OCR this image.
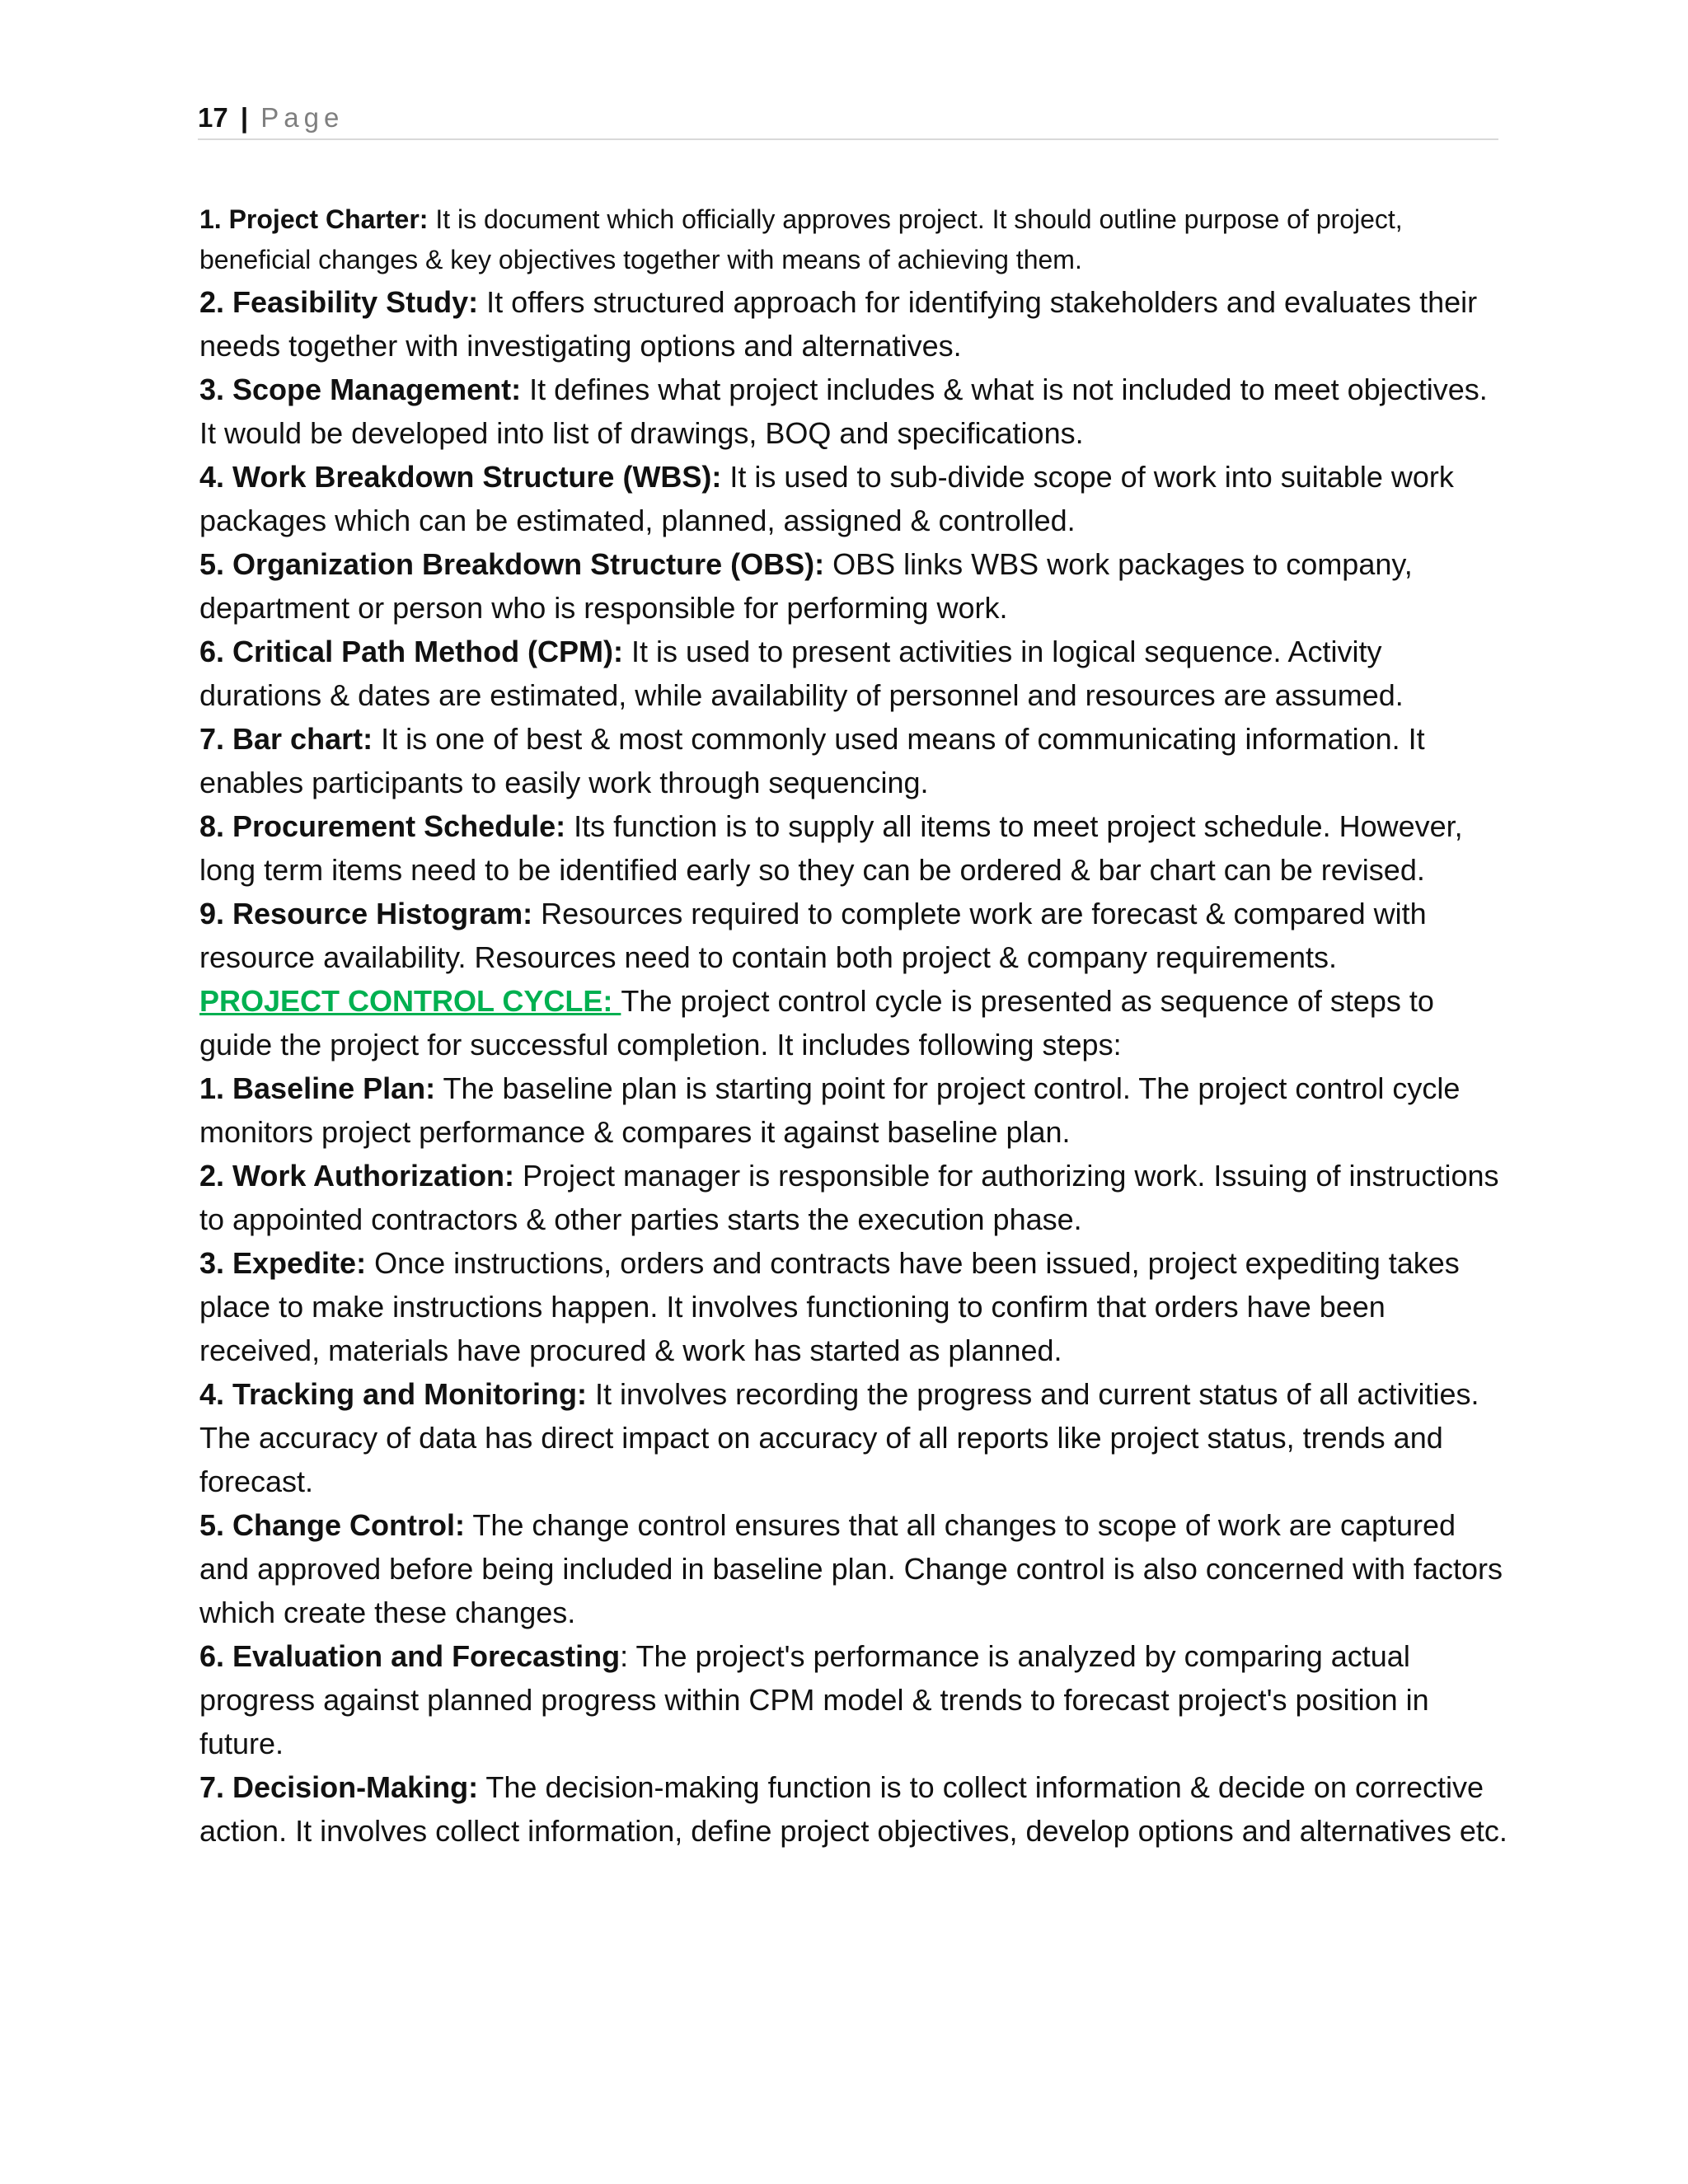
17 | Page

1. Project Charter: It is document which officially approves project. It should outline purpose of project, beneficial changes & key objectives together with means of achieving them.

2. Feasibility Study: It offers structured approach for identifying stakeholders and evaluates their needs together with investigating options and alternatives.

3. Scope Management: It defines what project includes & what is not included to meet objectives. It would be developed into list of drawings, BOQ and specifications.

4. Work Breakdown Structure (WBS): It is used to sub-divide scope of work into suitable work packages which can be estimated, planned, assigned & controlled.

5. Organization Breakdown Structure (OBS): OBS links WBS work packages to company, department or person who is responsible for performing work.

6. Critical Path Method (CPM): It is used to present activities in logical sequence. Activity durations & dates are estimated, while availability of personnel and resources are assumed.

7. Bar chart: It is one of best & most commonly used means of communicating information. It enables participants to easily work through sequencing.

8. Procurement Schedule: Its function is to supply all items to meet project schedule. However, long term items need to be identified early so they can be ordered & bar chart can be revised.

9. Resource Histogram: Resources required to complete work are forecast & compared with resource availability. Resources need to contain both project & company requirements.

PROJECT CONTROL CYCLE: The project control cycle is presented as sequence of steps to guide the project for successful completion. It includes following steps:

1. Baseline Plan: The baseline plan is starting point for project control. The project control cycle monitors project performance & compares it against baseline plan.

2. Work Authorization: Project manager is responsible for authorizing work. Issuing of instructions to appointed contractors & other parties starts the execution phase.

3. Expedite: Once instructions, orders and contracts have been issued, project expediting takes place to make instructions happen. It involves functioning to confirm that orders have been received, materials have procured & work has started as planned.

4. Tracking and Monitoring: It involves recording the progress and current status of all activities. The accuracy of data has direct impact on accuracy of all reports like project status, trends and forecast.

5. Change Control: The change control ensures that all changes to scope of work are captured and approved before being included in baseline plan. Change control is also concerned with factors which create these changes.

6. Evaluation and Forecasting: The project's performance is analyzed by comparing actual progress against planned progress within CPM model & trends to forecast project's position in future.

7. Decision-Making: The decision-making function is to collect information & decide on corrective action. It involves collect information, define project objectives, develop options and alternatives etc.
